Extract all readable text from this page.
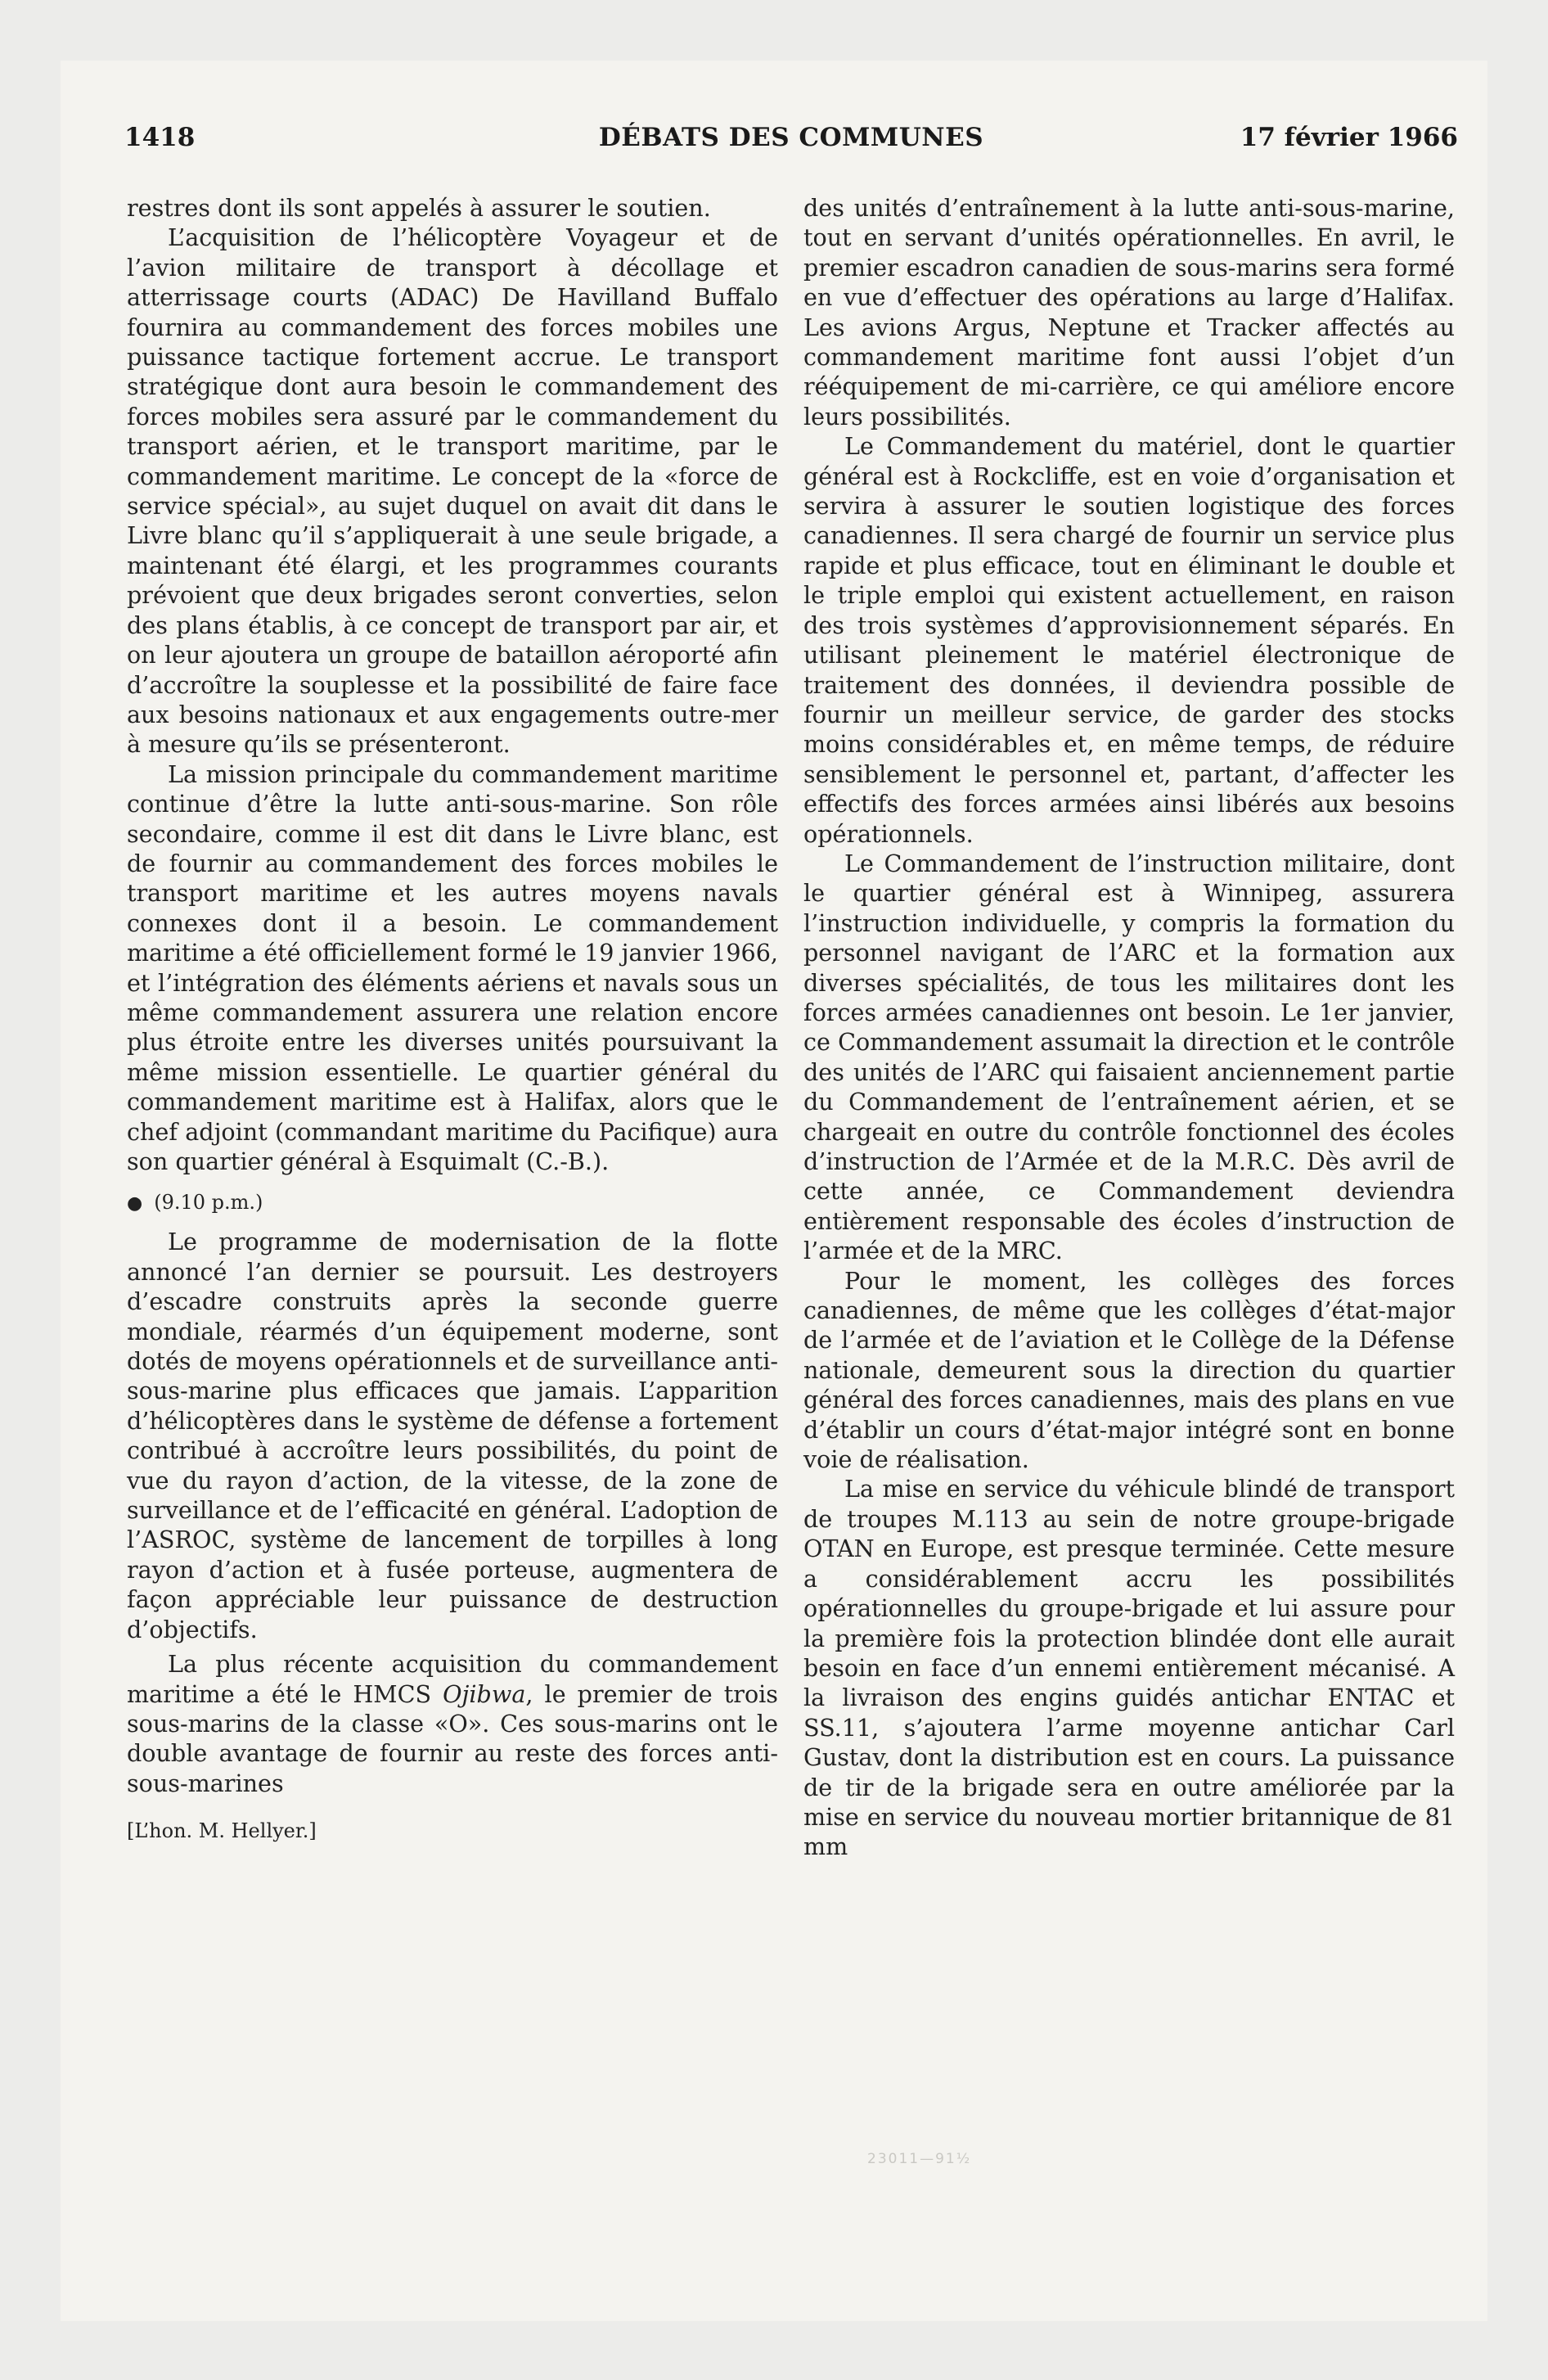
DÉBATS DES COMMUNES
1418	17 février 1966

restres dont ils sont appelés à assurer le soutien.

L’acquisition de l’hélicoptère Voyageur et de l’avion militaire de transport à décollage et atterrissage courts (ADAC) De Havilland Buffalo fournira au commandement des forces mobiles une puissance tactique fortement accrue. Le transport stratégique dont aura besoin le commandement des forces mobiles sera assuré par le commandement du transport aérien, et le transport maritime, par le commandement maritime. Le concept de la «force de service spécial», au sujet duquel on avait dit dans le Livre blanc qu’il s’appliquerait à une seule brigade, a maintenant été élargi, et les programmes courants prévoient que deux brigades seront converties, selon des plans établis, à ce concept de transport par air, et on leur ajoutera un groupe de bataillon aéroporté afin d’accroître la souplesse et la possibilité de faire face aux besoins nationaux et aux engagements outre-mer à mesure qu’ils se présenteront.

La mission principale du commandement maritime continue d’être la lutte anti-sous-marine. Son rôle secondaire, comme il est dit dans le Livre blanc, est de fournir au commandement des forces mobiles le transport maritime et les autres moyens navals connexes dont il a besoin. Le commandement maritime a été officiellement formé le 19 janvier 1966, et l’intégration des éléments aériens et navals sous un même commandement assurera une relation encore plus étroite entre les diverses unités poursuivant la même mission essentielle. Le quartier général du commandement maritime est à Halifax, alors que le chef adjoint (commandant maritime du Pacifique) aura son quartier général à Esquimalt (C.-B.).

● (9.10 p.m.)

Le programme de modernisation de la flotte annoncé l’an dernier se poursuit. Les destroyers d’escadre construits après la seconde guerre mondiale, réarmés d’un équipement moderne, sont dotés de moyens opérationnels et de surveillance anti-sous-marine plus efficaces que jamais. L’apparition d’hélicoptères dans le système de défense a fortement contribué à accroître leurs possibilités, du point de vue du rayon d’action, de la vitesse, de la zone de surveillance et de l’efficacité en général. L’adoption de l’ASROC, système de lancement de torpilles à long rayon d’action et à fusée porteuse, augmentera de façon appréciable leur puissance de destruction d’objectifs.

La plus récente acquisition du commandement maritime a été le HMCS Ojibwa, le premier de trois sous-marins de la classe «O». Ces sous-marins ont le double avantage de fournir au reste des forces anti-sous-marines

[L’hon. M. Hellyer.]

des unités d’entraînement à la lutte anti-sous-marine, tout en servant d’unités opérationnelles. En avril, le premier escadron canadien de sous-marins sera formé en vue d’effectuer des opérations au large d’Halifax. Les avions Argus, Neptune et Tracker affectés au commandement maritime font aussi l’objet d’un rééquipement de mi-carrière, ce qui améliore encore leurs possibilités.

Le Commandement du matériel, dont le quartier général est à Rockcliffe, est en voie d’organisation et servira à assurer le soutien logistique des forces canadiennes. Il sera chargé de fournir un service plus rapide et plus efficace, tout en éliminant le double et le triple emploi qui existent actuellement, en raison des trois systèmes d’approvisionnement séparés. En utilisant pleinement le matériel électronique de traitement des données, il deviendra possible de fournir un meilleur service, de garder des stocks moins considérables et, en même temps, de réduire sensiblement le personnel et, partant, d’affecter les effectifs des forces armées ainsi libérés aux besoins opérationnels.

Le Commandement de l’instruction militaire, dont le quartier général est à Winnipeg, assurera l’instruction individuelle, y compris la formation du personnel navigant de l’ARC et la formation aux diverses spécialités, de tous les militaires dont les forces armées canadiennes ont besoin. Le 1er janvier, ce Commandement assumait la direction et le contrôle des unités de l’ARC qui faisaient anciennement partie du Commandement de l’entraînement aérien, et se chargeait en outre du contrôle fonctionnel des écoles d’instruction de l’Armée et de la M.R.C. Dès avril de cette année, ce Commandement deviendra entièrement responsable des écoles d’instruction de l’armée et de la MRC.

Pour le moment, les collèges des forces canadiennes, de même que les collèges d’état-major de l’armée et de l’aviation et le Collège de la Défense nationale, demeurent sous la direction du quartier général des forces canadiennes, mais des plans en vue d’établir un cours d’état-major intégré sont en bonne voie de réalisation.

La mise en service du véhicule blindé de transport de troupes M.113 au sein de notre groupe-brigade OTAN en Europe, est presque terminée. Cette mesure a considérablement accru les possibilités opérationnelles du groupe-brigade et lui assure pour la première fois la protection blindée dont elle aurait besoin en face d’un ennemi entièrement mécanisé. A la livraison des engins guidés antichar ENTAC et SS.11, s’ajoutera l’arme moyenne antichar Carl Gustav, dont la distribution est en cours. La puissance de tir de la brigade sera en outre améliorée par la mise en service du nouveau mortier britannique de 81 mm

23011—91½
